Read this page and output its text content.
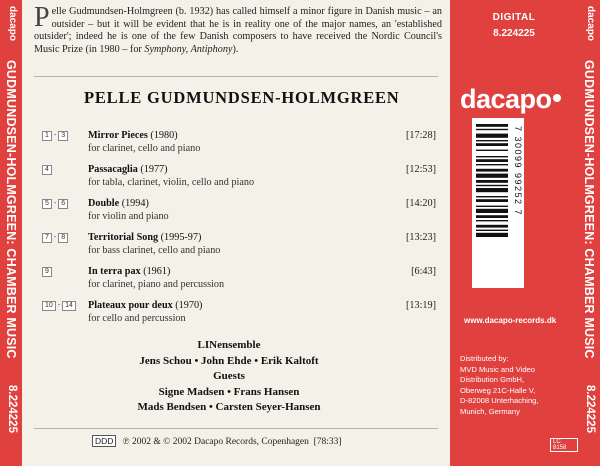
dacapo
GUDMUNDSEN-HOLMGREEN: CHAMBER MUSIC
8.224225
Pelle Gudmundsen-Holmgreen (b. 1932) has called himself a minor figure in Danish music – an outsider – but it will be evident that he is in reality one of the major names, an 'established outsider'; indeed he is one of the few Danish composers to have received the Nordic Council's Music Prize (in 1980 – for Symphony, Antiphony).
PELLE GUDMUNDSEN-HOLMGREEN
1 - 3 Mirror Pieces (1980)
for clarinet, cello and piano
[17:28]
4	Passacaglia (1977)
for tabla, clarinet, violin, cello and piano
[12:53]
5 - 6 Double (1994)
for violin and piano
[14:20]
7 - 8 Territorial Song (1995-97)
for bass clarinet, cello and piano
[13:23]
9	In terra pax (1961)
for clarinet, piano and percussion
[6:43]
10 - 14 Plateaux pour deux (1970)
for cello and percussion
[13:19]
LINensemble
Jens Schou • John Ehde • Erik Kaltoft
Guests
Signe Madsen • Frans Hansen
Mads Bendsen • Carsten Seyer-Hansen
DDD ℗ 2002 & © 2002 Dacapo Records, Copenhagen [78:33]
DIGITAL
8.224225
dacapo
7 30099 99252 7
www.dacapo-records.dk
Distributed by:
MVD Music and Video
Distribution GmbH,
Oberweg 21C-Halle V,
D-82008 Unterhaching,
Munich, Germany
LC 8158
dacapo
GUDMUNDSEN-HOLMGREEN: CHAMBER MUSIC
8.224225
